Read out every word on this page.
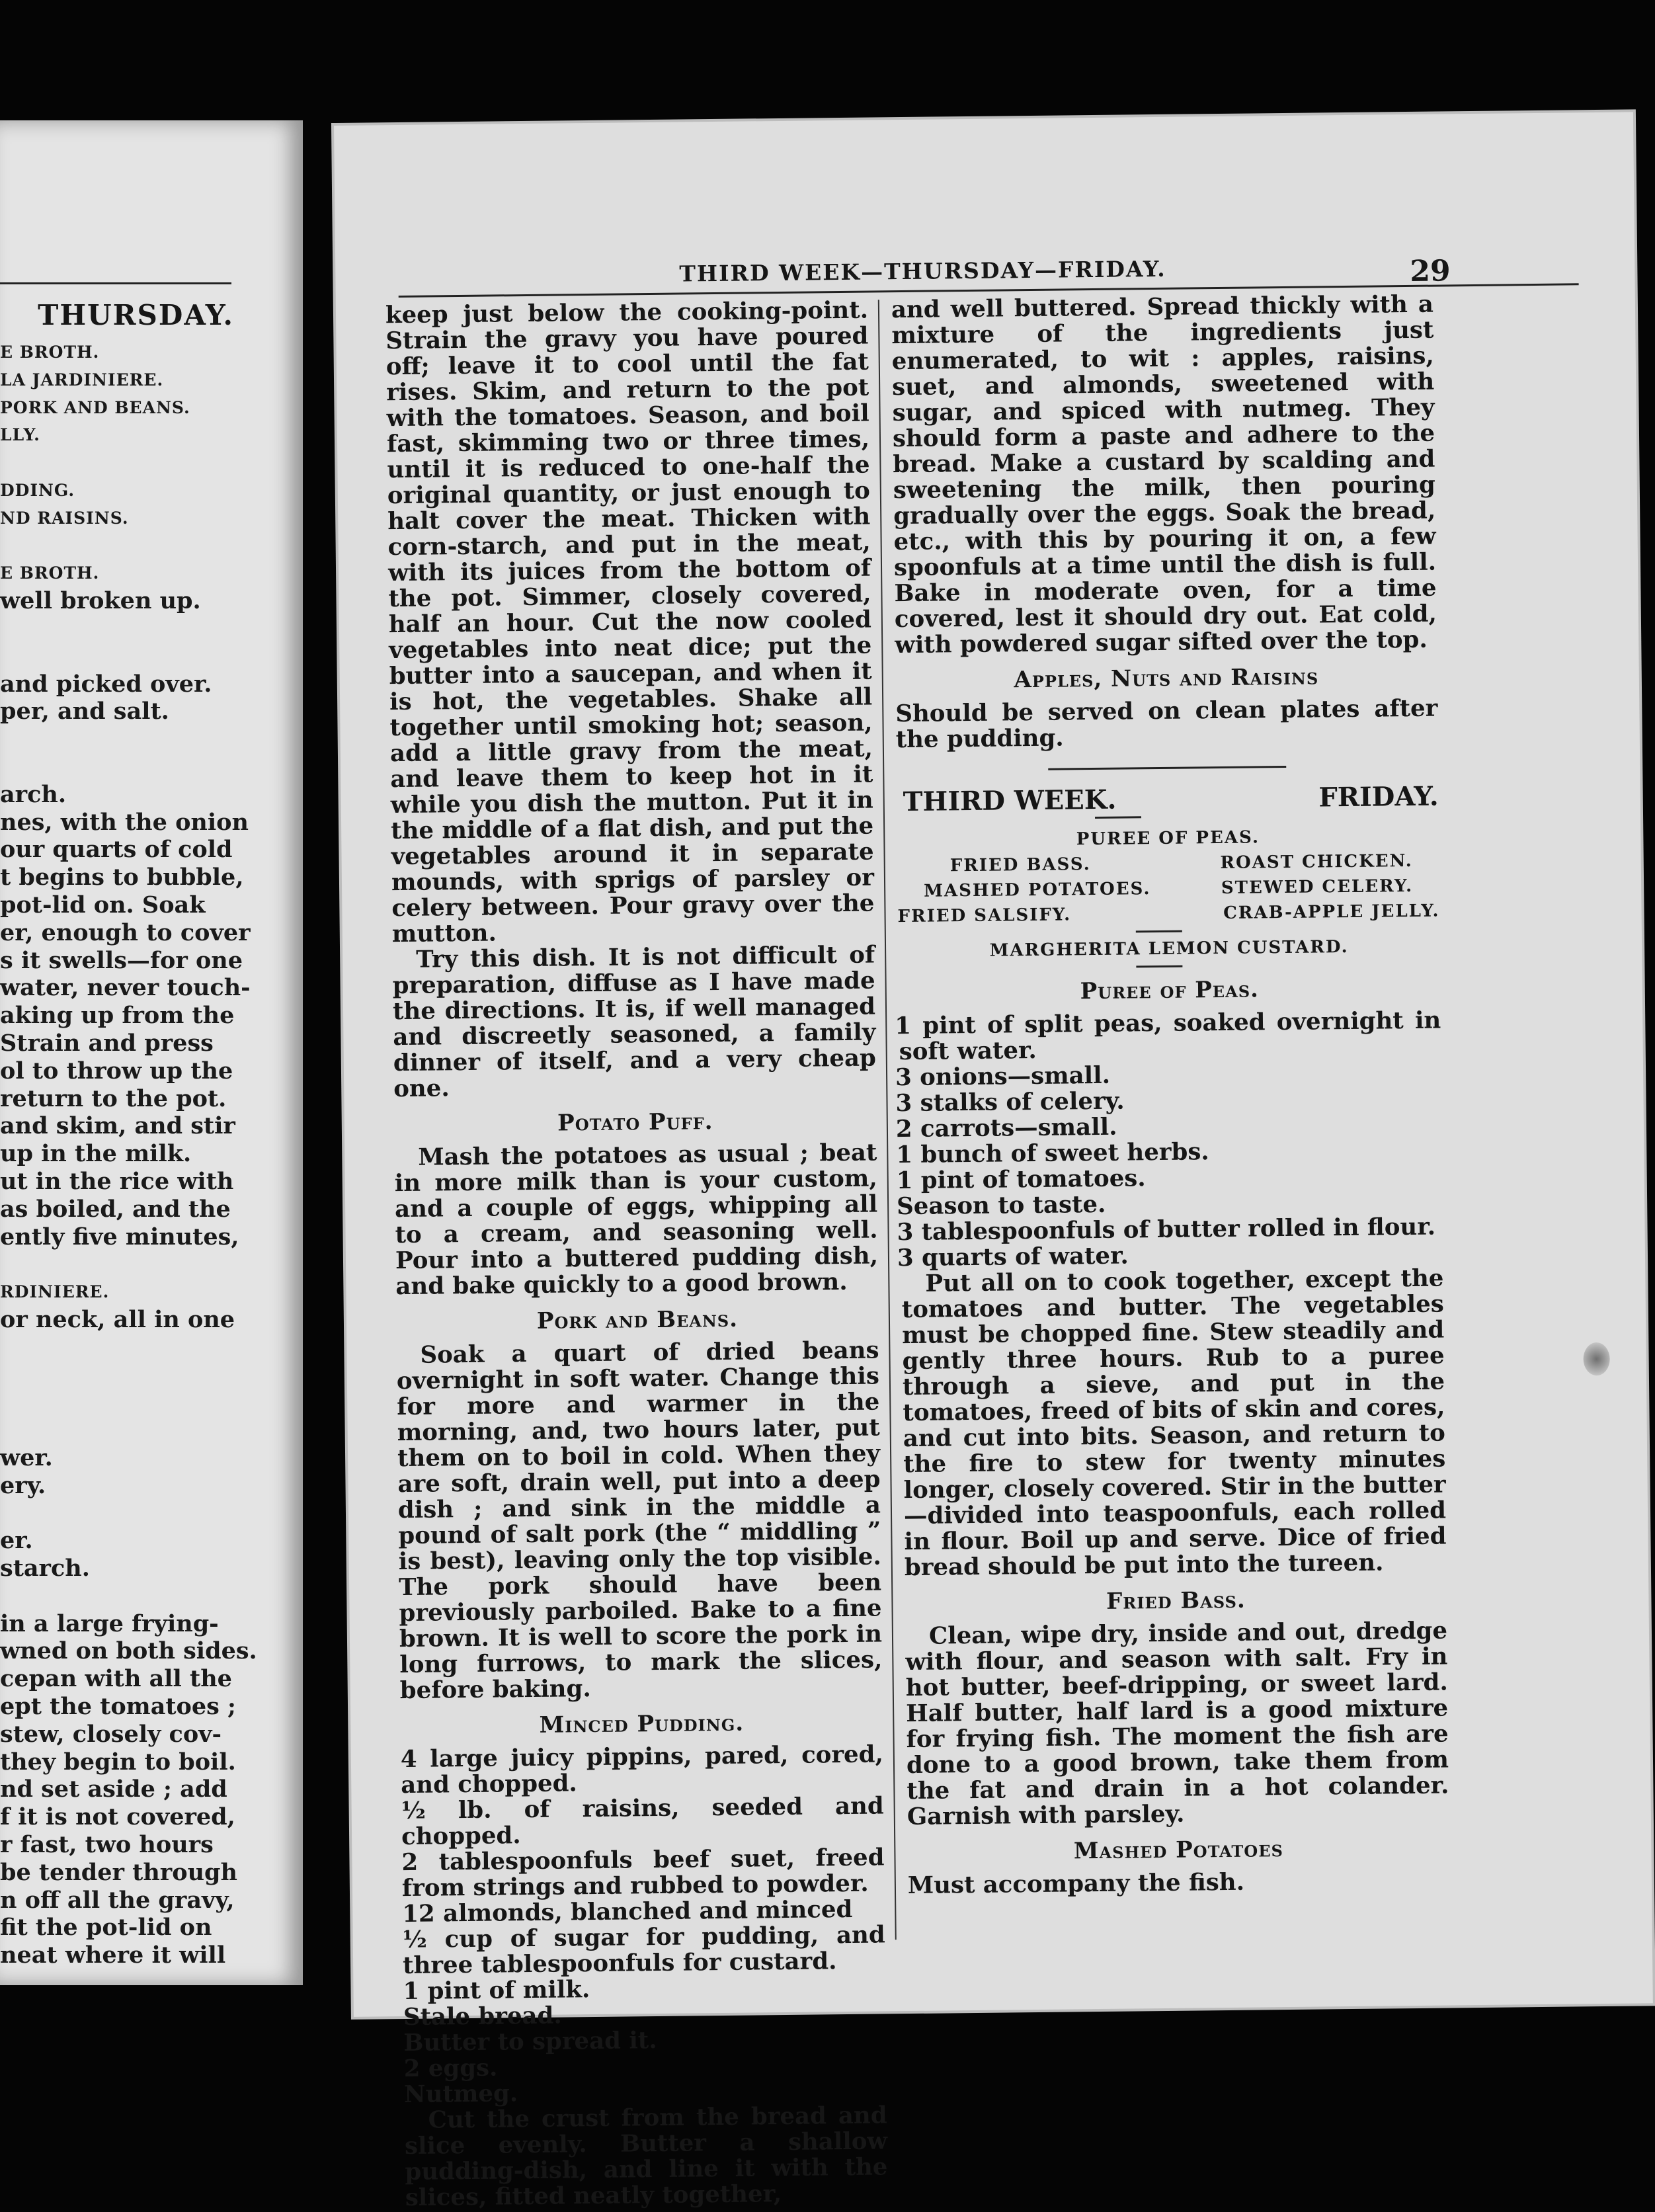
THURSDAY.
E BROTH.
LA JARDINIERE.
PORK AND BEANS.
LLY.

DDING.
ND RAISINS.

E BROTH.
well broken up.

and picked over.
per, and salt.

arch.
nes, with the onion
our quarts of cold
t begins to bubble,
pot-lid on. Soak
er, enough to cover
s it swells—for one
water, never touch-
aking up from the
Strain and press
ol to throw up the
return to the pot.
and skim, and stir
up in the milk.
ut in the rice with
as boiled, and the
ently five minutes,

RDINIERE.
or neck, all in one

wer.
ery.

er.
starch.

in a large frying-
wned on both sides.
cepan with all the
ept the tomatoes ;
stew, closely cov-
they begin to boil.
nd set aside ; add
f it is not covered,
r fast, two hours
be tender through
n off all the gravy,
fit the pot-lid on
neat where it will
THIRD WEEK—THURSDAY—FRIDAY.	29

keep just below the cooking-point. Strain the gravy you have poured off; leave it to cool until the fat rises. Skim, and return to the pot with the tomatoes. Season, and boil fast, skimming two or three times, until it is reduced to one-half the original quantity, or just enough to halt cover the meat. Thicken with corn-starch, and put in the meat, with its juices from the bottom of the pot. Simmer, closely covered, half an hour. Cut the now cooled vegetables into neat dice; put the butter into a saucepan, and when it is hot, the vegetables. Shake all together until smoking hot; season, add a little gravy from the meat, and leave them to keep hot in it while you dish the mutton. Put it in the middle of a flat dish, and put the vegetables around it in separate mounds, with sprigs of parsley or celery between. Pour gravy over the mutton.

Try this dish. It is not difficult of preparation, diffuse as I have made the directions. It is, if well managed and discreetly seasoned, a family dinner of itself, and a very cheap one.

Potato Puff.

Mash the potatoes as usual ; beat in more milk than is your custom, and a couple of eggs, whipping all to a cream, and seasoning well. Pour into a buttered pudding dish, and bake quickly to a good brown.

Pork and Beans.

Soak a quart of dried beans overnight in soft water. Change this for more and warmer in the morning, and, two hours later, put them on to boil in cold. When they are soft, drain well, put into a deep dish ; and sink in the middle a pound of salt pork (the “ middling ” is best), leaving only the top visible. The pork should have been previously parboiled. Bake to a fine brown. It is well to score the pork in long furrows, to mark the slices, before baking.

Minced Pudding.

4 large juicy pippins, pared, cored, and chopped.

½ lb. of raisins, seeded and chopped.

2 tablespoonfuls beef suet, freed from strings and rubbed to powder.

12 almonds, blanched and minced

½ cup of sugar for pudding, and three tablespoonfuls for custard.

1 pint of milk.

Stale bread.

Butter to spread it.

2 eggs.

Nutmeg.

Cut the crust from the bread and slice evenly. Butter a shallow pudding-dish, and line it with the slices, fitted neatly together,

and well buttered. Spread thickly with a mixture of the ingredients just enumerated, to wit : apples, raisins, suet, and almonds, sweetened with sugar, and spiced with nutmeg. They should form a paste and adhere to the bread. Make a custard by scalding and sweetening the milk, then pouring gradually over the eggs. Soak the bread, etc., with this by pouring it on, a few spoonfuls at a time until the dish is full. Bake in moderate oven, for a time covered, lest it should dry out. Eat cold, with powdered sugar sifted over the top.

Apples, Nuts and Raisins

Should be served on clean plates after the pudding.

THIRD WEEK.	FRIDAY.
PUREE OF PEAS.
FRIED BASS.	ROAST CHICKEN.
MASHED POTATOES.	STEWED CELERY.
FRIED SALSIFY.	CRAB-APPLE JELLY.
MARGHERITA LEMON CUSTARD.
Puree of Peas.

1 pint of split peas, soaked overnight in soft water.

3 onions—small.

3 stalks of celery.

2 carrots—small.

1 bunch of sweet herbs.

1 pint of tomatoes.

Season to taste.

3 tablespoonfuls of butter rolled in flour.

3 quarts of water.

Put all on to cook together, except the tomatoes and butter. The vegetables must be chopped fine. Stew steadily and gently three hours. Rub to a puree through a sieve, and put in the tomatoes, freed of bits of skin and cores, and cut into bits. Season, and return to the fire to stew for twenty minutes longer, closely covered. Stir in the butter—divided into teaspoonfuls, each rolled in flour. Boil up and serve. Dice of fried bread should be put into the tureen.

Fried Bass.

Clean, wipe dry, inside and out, dredge with flour, and season with salt. Fry in hot butter, beef-dripping, or sweet lard. Half butter, half lard is a good mixture for frying fish. The moment the fish are done to a good brown, take them from the fat and drain in a hot colander. Garnish with parsley.

Mashed Potatoes

Must accompany the fish.
